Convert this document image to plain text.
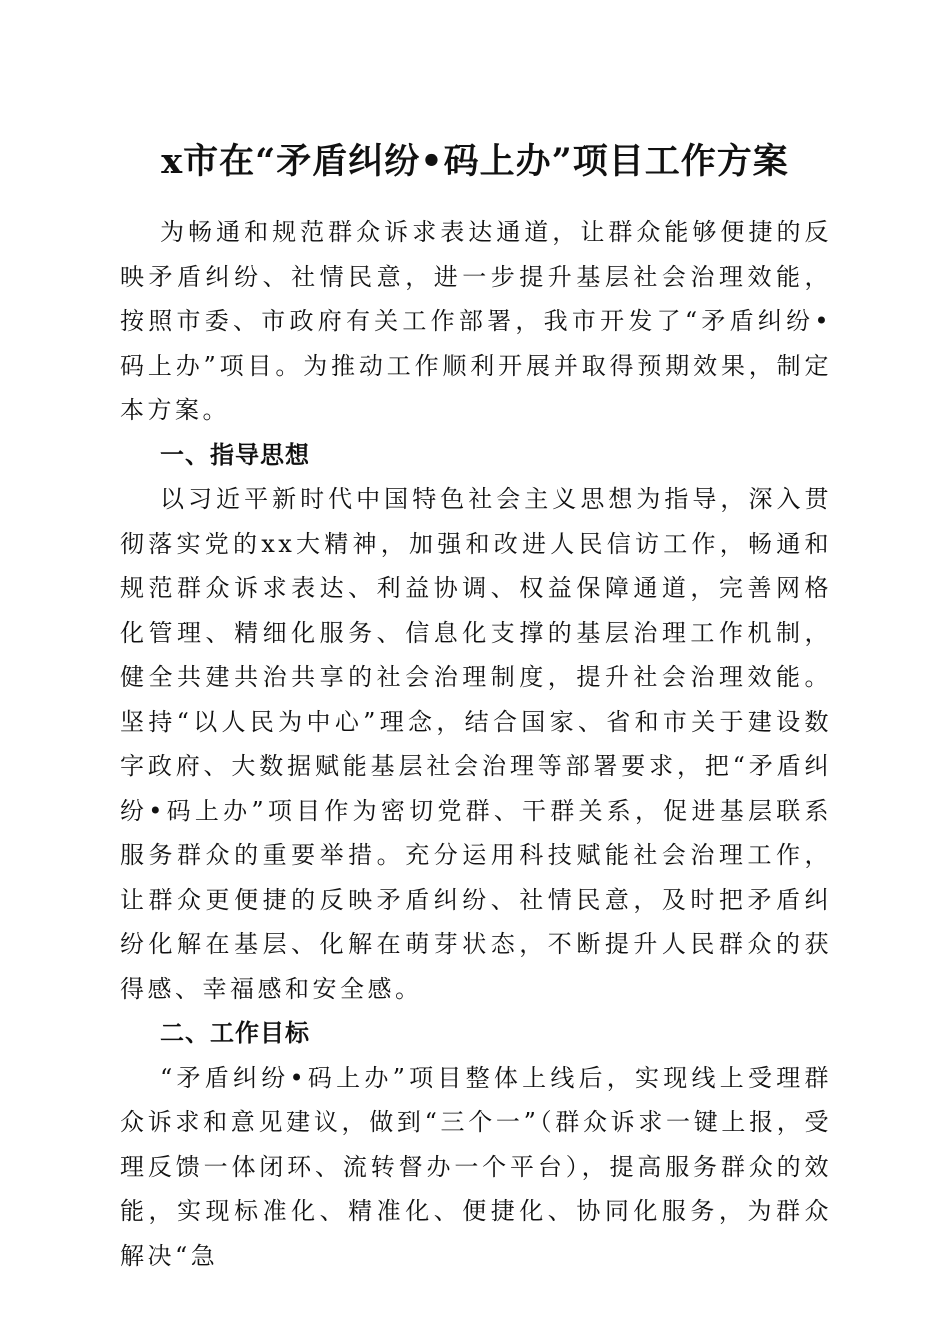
x市在“矛盾纠纷•码上办”项目工作方案

为畅通和规范群众诉求表达通道，让群众能够便捷的反映矛盾纠纷、社情民意，进一步提升基层社会治理效能，按照市委、市政府有关工作部署，我市开发了“矛盾纠纷•码上办”项目。为推动工作顺利开展并取得预期效果，制定本方案。

一、指导思想

以习近平新时代中国特色社会主义思想为指导，深入贯彻落实党的xx大精神，加强和改进人民信访工作，畅通和规范群众诉求表达、利益协调、权益保障通道，完善网格化管理、精细化服务、信息化支撑的基层治理工作机制，健全共建共治共享的社会治理制度，提升社会治理效能。坚持“以人民为中心”理念，结合国家、省和市关于建设数字政府、大数据赋能基层社会治理等部署要求，把“矛盾纠纷•码上办”项目作为密切党群、干群关系，促进基层联系服务群众的重要举措。充分运用科技赋能社会治理工作，让群众更便捷的反映矛盾纠纷、社情民意，及时把矛盾纠纷化解在基层、化解在萌芽状态，不断提升人民群众的获得感、幸福感和安全感。

二、工作目标

“矛盾纠纷•码上办”项目整体上线后，实现线上受理群众诉求和意见建议，做到“三个一”（群众诉求一键上报，受理反馈一体闭环、流转督办一个平台），提高服务群众的效能，实现标准化、精准化、便捷化、协同化服务，为群众解决“急
